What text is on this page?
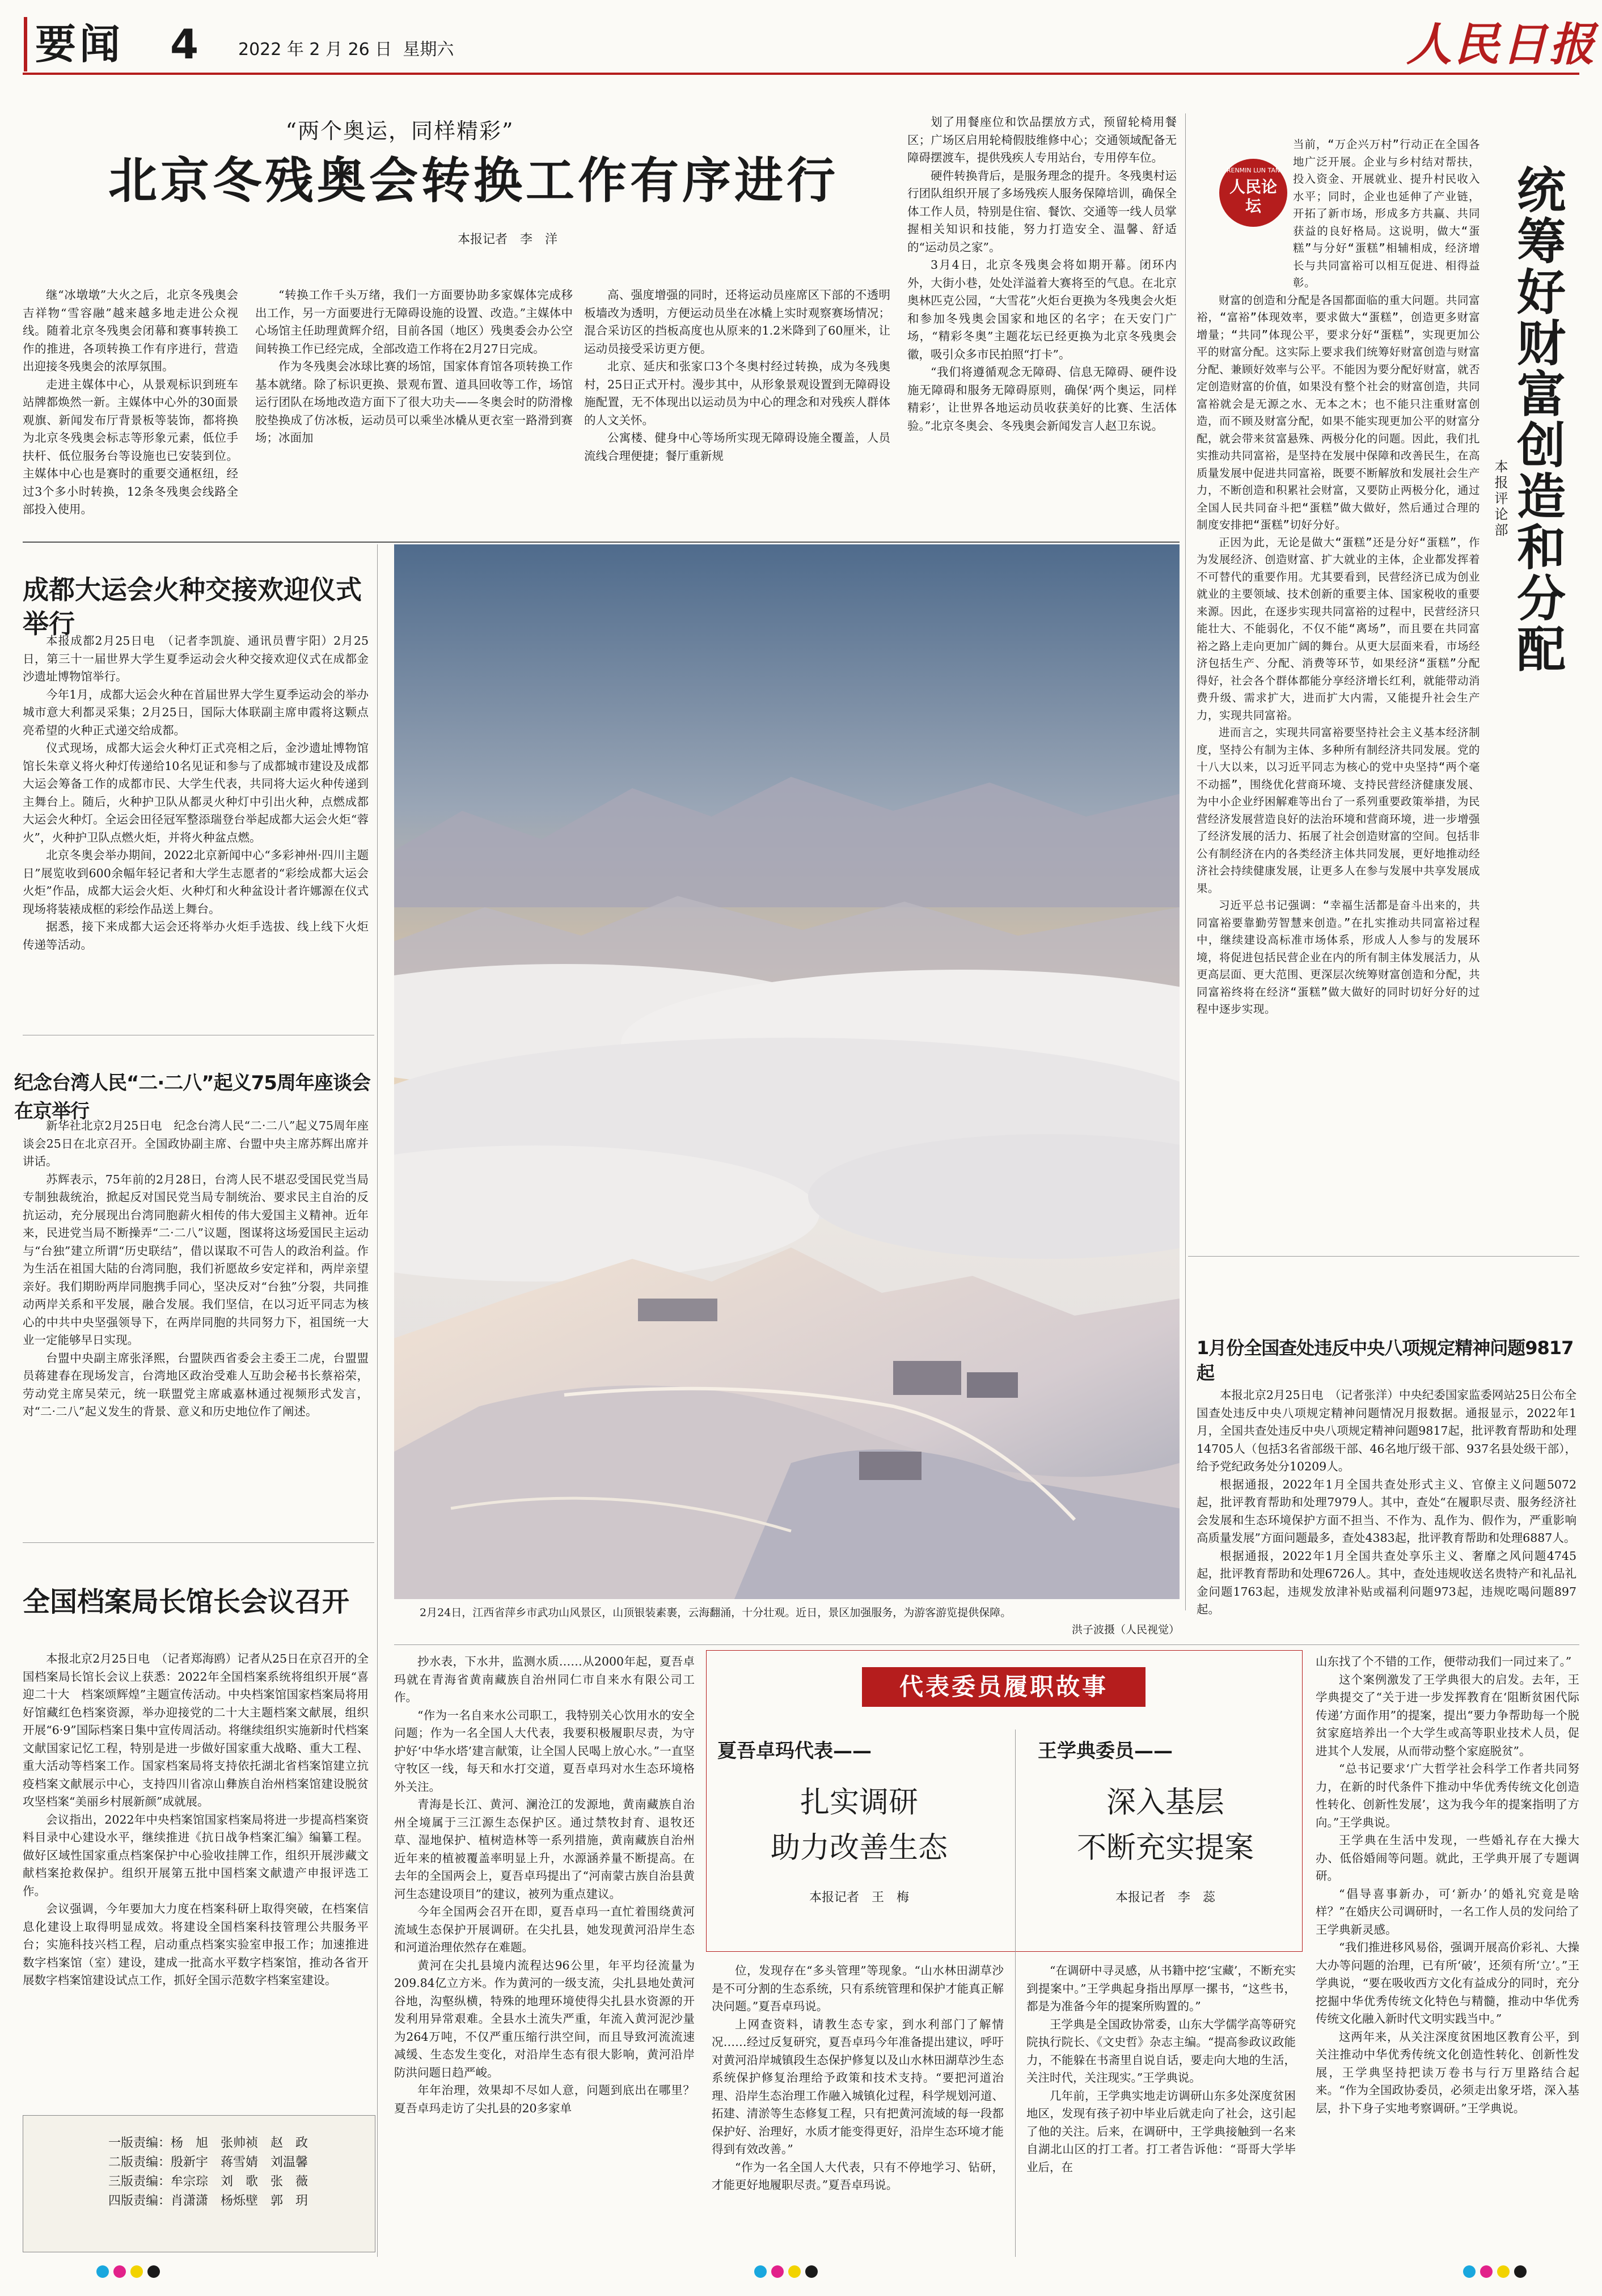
要闻 4 2022 年 2 月 26 日 星期六	人民日报
“两个奥运，同样精彩”
北京冬残奥会转换工作有序进行
本报记者　李　洋

继“冰墩墩”大火之后，北京冬残奥会吉祥物“雪容融”越来越多地走进公众视线。随着北京冬残奥会闭幕和赛事转换工作的推进，各项转换工作有序进行，营造出迎接冬残奥会的浓厚氛围。

走进主媒体中心，从景观标识到班车站牌都焕然一新。主媒体中心外的30面景观旗、新闻发布厅背景板等装饰，都将换为北京冬残奥会标志等形象元素，低位手扶杆、低位服务台等设施也已安装到位。主媒体中心也是赛时的重要交通枢纽，经过3个多小时转换，12条冬残奥会线路全部投入使用。

“转换工作千头万绪，我们一方面要协助多家媒体完成移出工作，另一方面要进行无障碍设施的设置、改造。”主媒体中心场馆主任助理黄辉介绍，目前各国（地区）残奥委会办公空间转换工作已经完成，全部改造工作将在2月27日完成。

作为冬残奥会冰球比赛的场馆，国家体育馆各项转换工作基本就绪。除了标识更换、景观布置、道具回收等工作，场馆运行团队在场地改造方面下了很大功夫——冬奥会时的防滑橡胶垫换成了仿冰板，运动员可以乘坐冰橇从更衣室一路滑到赛场；冰面加

高、强度增强的同时，还将运动员座席区下部的不透明板墙改为透明，方便运动员坐在冰橇上实时观察赛场情况；混合采访区的挡板高度也从原来的1.2米降到了60厘米，让运动员接受采访更方便。

北京、延庆和张家口3个冬奥村经过转换，成为冬残奥村，25日正式开村。漫步其中，从形象景观设置到无障碍设施配置，无不体现出以运动员为中心的理念和对残疾人群体的人文关怀。

公寓楼、健身中心等场所实现无障碍设施全覆盖，人员流线合理便捷；餐厅重新规

划了用餐座位和饮品摆放方式，预留轮椅用餐区；广场区启用轮椅假肢维修中心；交通领域配备无障碍摆渡车，提供残疾人专用站台，专用停车位。

硬件转换背后，是服务理念的提升。冬残奥村运行团队组织开展了多场残疾人服务保障培训，确保全体工作人员，特别是住宿、餐饮、交通等一线人员掌握相关知识和技能，努力打造安全、温馨、舒适的“运动员之家”。

3月4日，北京冬残奥会将如期开幕。闭环内外，大街小巷，处处洋溢着大赛将至的气息。在北京奥林匹克公园，“大雪花”火炬台更换为冬残奥会火炬和参加冬残奥会国家和地区的名字；在天安门广场，“精彩冬奥”主题花坛已经更换为北京冬残奥会徽，吸引众多市民拍照“打卡”。

“我们将遵循观念无障碍、信息无障碍、硬件设施无障碍和服务无障碍原则，确保‘两个奥运，同样精彩’，让世界各地运动员收获美好的比赛、生活体验。”北京冬奥会、冬残奥会新闻发言人赵卫东说。

成都大运会火种交接欢迎仪式举行

本报成都2月25日电　（记者李凯旋、通讯员曹宇阳）2月25日，第三十一届世界大学生夏季运动会火种交接欢迎仪式在成都金沙遗址博物馆举行。

今年1月，成都大运会火种在首届世界大学生夏季运动会的举办城市意大利都灵采集；2月25日，国际大体联副主席申霞将这颗点亮希望的火种正式递交给成都。

仪式现场，成都大运会火种灯正式亮相之后，金沙遗址博物馆馆长朱章义将火种灯传递给10名见证和参与了成都城市建设及成都大运会筹备工作的成都市民、大学生代表，共同将大运火种传递到主舞台上。随后，火种护卫队从都灵火种灯中引出火种，点燃成都大运会火种灯。全运会田径冠军整添瑞登台举起成都大运会火炬“蓉火”，火种护卫队点燃火炬，并将火种盆点燃。

北京冬奥会举办期间，2022北京新闻中心“多彩神州·四川主题日”展览收到600余幅年轻记者和大学生志愿者的“彩绘成都大运会火炬”作品，成都大运会火炬、火种灯和火种盆设计者许娜源在仪式现场将装裱成框的彩绘作品送上舞台。

据悉，接下来成都大运会还将举办火炬手选拔、线上线下火炬传递等活动。

纪念台湾人民“二·二八”起义75周年座谈会在京举行

新华社北京2月25日电　纪念台湾人民“二·二八”起义75周年座谈会25日在北京召开。全国政协副主席、台盟中央主席苏辉出席并讲话。

苏辉表示，75年前的2月28日，台湾人民不堪忍受国民党当局专制独裁统治，掀起反对国民党当局专制统治、要求民主自治的反抗运动，充分展现出台湾同胞薪火相传的伟大爱国主义精神。近年来，民进党当局不断操弄“二·二八”议题，图谋将这场爱国民主运动与“台独”建立所谓“历史联结”，借以谋取不可告人的政治利益。作为生活在祖国大陆的台湾同胞，我们祈愿故乡安定祥和，两岸亲望亲好。我们期盼两岸同胞携手同心，坚决反对“台独”分裂，共同推动两岸关系和平发展，融合发展。我们坚信，在以习近平同志为核心的中共中央坚强领导下，在两岸同胞的共同努力下，祖国统一大业一定能够早日实现。

台盟中央副主席张泽熙，台盟陕西省委会主委王二虎，台盟盟员蒋建春在现场发言，台湾地区政治受难人互助会秘书长蔡裕荣，劳动党主席吴荣元，统一联盟党主席戚嘉林通过视频形式发言，对“二·二八”起义发生的背景、意义和历史地位作了阐述。

全国档案局长馆长会议召开

本报北京2月25日电　（记者郑海鸥）记者从25日在京召开的全国档案局长馆长会议上获悉：2022年全国档案系统将组织开展“喜迎二十大　档案颂辉煌”主题宣传活动。中央档案馆国家档案局将用好馆藏红色档案资源，举办迎接党的二十大主题档案文献展，组织开展“6·9”国际档案日集中宣传周活动。将继续组织实施新时代档案文献国家记忆工程，特别是进一步做好国家重大战略、重大工程、重大活动等档案工作。国家档案局将支持依托湖北省档案馆建立抗疫档案文献展示中心，支持四川省凉山彝族自治州档案馆建设脱贫攻坚档案“美丽乡村展新颜”成就展。

会议指出，2022年中央档案馆国家档案局将进一步提高档案资料目录中心建设水平，继续推进《抗日战争档案汇编》编纂工程。做好区域性国家重点档案保护中心验收挂牌工作，组织开展涉藏文献档案抢救保护。组织开展第五批中国档案文献遗产申报评选工作。

会议强调，今年要加大力度在档案科研上取得突破，在档案信息化建设上取得明显成效。将建设全国档案科技管理公共服务平台；实施科技兴档工程，启动重点档案实验室申报工作；加速推进数字档案馆（室）建设，建成一批高水平数字档案馆，推动各省开展数字档案馆建设试点工作，抓好全国示范数字档案室建设。

一版责编：杨　旭　张帅祯　赵　政
二版责编：殷新宇　蒋雪婧　刘温馨
三版责编：牟宗琮　刘　歌　张　薇
四版责编：肖潇潇　杨烁壁　郭　玥
2月24日，江西省萍乡市武功山风景区，山顶银装素裹，云海翻涌，十分壮观。近日，景区加强服务，为游客游览提供保障。
洪子波摄（人民视觉）
RENMIN LUN TAN
人民论坛

当前，“万企兴万村”行动正在全国各地广泛开展。企业与乡村结对帮扶，投入资金、开展就业、提升村民收入水平；同时，企业也延伸了产业链，开拓了新市场，形成多方共赢、共同获益的良好格局。这说明，做大“蛋糕”与分好“蛋糕”相辅相成，经济增长与共同富裕可以相互促进、相得益彰。

财富的创造和分配是各国都面临的重大问题。共同富裕，“富裕”体现效率，要求做大“蛋糕”，创造更多财富增量；“共同”体现公平，要求分好“蛋糕”，实现更加公平的财富分配。这实际上要求我们统筹好财富创造与财富分配、兼顾好效率与公平。不能因为要分配好财富，就否定创造财富的价值，如果没有整个社会的财富创造，共同富裕就会是无源之水、无本之木；也不能只注重财富创造，而不顾及财富分配，如果不能实现更加公平的财富分配，就会带来贫富悬殊、两极分化的问题。因此，我们扎实推动共同富裕，是坚持在发展中保障和改善民生，在高质量发展中促进共同富裕，既要不断解放和发展社会生产力，不断创造和积累社会财富，又要防止两极分化，通过全国人民共同奋斗把“蛋糕”做大做好，然后通过合理的制度安排把“蛋糕”切好分好。

正因为此，无论是做大“蛋糕”还是分好“蛋糕”，作为发展经济、创造财富、扩大就业的主体，企业都发挥着不可替代的重要作用。尤其要看到，民营经济已成为创业就业的主要领域、技术创新的重要主体、国家税收的重要来源。因此，在逐步实现共同富裕的过程中，民营经济只能壮大、不能弱化，不仅不能“离场”，而且要在共同富裕之路上走向更加广阔的舞台。从更大层面来看，市场经济包括生产、分配、消费等环节，如果经济“蛋糕”分配得好，社会各个群体都能分享经济增长红利，就能带动消费升级、需求扩大，进而扩大内需，又能提升社会生产力，实现共同富裕。

进而言之，实现共同富裕要坚持社会主义基本经济制度，坚持公有制为主体、多种所有制经济共同发展。党的十八大以来，以习近平同志为核心的党中央坚持“两个毫不动摇”，围绕优化营商环境、支持民营经济健康发展、为中小企业纾困解难等出台了一系列重要政策举措，为民营经济发展营造良好的法治环境和营商环境，进一步增强了经济发展的活力、拓展了社会创造财富的空间。包括非公有制经济在内的各类经济主体共同发展，更好地推动经济社会持续健康发展，让更多人在参与发展中共享发展成果。

习近平总书记强调：“幸福生活都是奋斗出来的，共同富裕要靠勤劳智慧来创造。”在扎实推动共同富裕过程中，继续建设高标准市场体系，形成人人参与的发展环境，将促进包括民营企业在内的所有制主体发展活力，从更高层面、更大范围、更深层次统筹财富创造和分配，共同富裕终将在经济“蛋糕”做大做好的同时切好分好的过程中逐步实现。

统筹好财富创造和分配
本报评论部
1月份全国查处违反中央八项规定精神问题9817起

本报北京2月25日电　（记者张洋）中央纪委国家监委网站25日公布全国查处违反中央八项规定精神问题情况月报数据。通报显示，2022年1月，全国共查处违反中央八项规定精神问题9817起，批评教育帮助和处理14705人（包括3名省部级干部、46名地厅级干部、937名县处级干部），给予党纪政务处分10209人。

根据通报，2022年1月全国共查处形式主义、官僚主义问题5072起，批评教育帮助和处理7979人。其中，查处“在履职尽责、服务经济社会发展和生态环境保护方面不担当、不作为、乱作为、假作为，严重影响高质量发展”方面问题最多，查处4383起，批评教育帮助和处理6887人。

根据通报，2022年1月全国共查处享乐主义、奢靡之风问题4745起，批评教育帮助和处理6726人。其中，查处违规收送名贵特产和礼品礼金问题1763起，违规发放津补贴或福利问题973起，违规吃喝问题897起。

抄水表，下水井，监测水质……从2000年起，夏吾卓玛就在青海省黄南藏族自治州同仁市自来水有限公司工作。

“作为一名自来水公司职工，我特别关心饮用水的安全问题；作为一名全国人大代表，我要积极履职尽责，为守护好‘中华水塔’建言献策，让全国人民喝上放心水。”一直坚守牧区一线，每天和水打交道，夏吾卓玛对水生态环境格外关注。

青海是长江、黄河、澜沧江的发源地，黄南藏族自治州全境属于三江源生态保护区。通过禁牧封育、退牧还草、湿地保护、植树造林等一系列措施，黄南藏族自治州近年来的植被覆盖率明显上升，水源涵养量不断提高。在去年的全国两会上，夏吾卓玛提出了“河南蒙古族自治县黄河生态建设项目”的建议，被列为重点建议。

今年全国两会召开在即，夏吾卓玛一直忙着围绕黄河流域生态保护开展调研。在尖扎县，她发现黄河沿岸生态和河道治理依然存在难题。

黄河在尖扎县境内流程达96公里，年平均径流量为209.84亿立方米。作为黄河的一级支流，尖扎县地处黄河谷地，沟壑纵横，特殊的地理环境使得尖扎县水资源的开发利用异常艰难。全县水土流失严重，年流入黄河泥沙量为264万吨，不仅严重压缩行洪空间，而且导致河流流速减缓、生态发生变化，对沿岸生态有很大影响，黄河沿岸防洪问题日趋严峻。

年年治理，效果却不尽如人意，问题到底出在哪里？夏吾卓玛走访了尖扎县的20多家单

代表委员履职故事
夏吾卓玛代表——
扎实调研
助力改善生态
本报记者　王　梅
王学典委员——
深入基层
不断充实提案
本报记者　李　蕊

位，发现存在“多头管理”等现象。“山水林田湖草沙是不可分割的生态系统，只有系统管理和保护才能真正解决问题。”夏吾卓玛说。

上网查资料，请教生态专家，到水利部门了解情况……经过反复研究，夏吾卓玛今年准备提出建议，呼吁对黄河沿岸城镇段生态保护修复以及山水林田湖草沙生态系统保护修复治理给予政策和技术支持。“要把河道治理、沿岸生态治理工作融入城镇化过程，科学规划河道、拓建、清淤等生态修复工程，只有把黄河流域的每一段都保护好、治理好，水质才能变得更好，沿岸生态环境才能得到有效改善。”

“作为一名全国人大代表，只有不停地学习、钻研，才能更好地履职尽责。”夏吾卓玛说。

“在调研中寻灵感，从书籍中挖‘宝藏’，不断充实到提案中。”王学典起身指出厚厚一摞书，“这些书，都是为准备今年的提案所购置的。”

王学典是全国政协常委，山东大学儒学高等研究院执行院长、《文史哲》杂志主编。“提高参政议政能力，不能躲在书斋里自说自话，要走向大地的生活，关注时代，关注现实。”王学典说。

几年前，王学典实地走访调研山东多处深度贫困地区，发现有孩子初中毕业后就走向了社会，这引起了他的关注。后来，在调研中，王学典接触到一名来自湖北山区的打工者。打工者告诉他：“哥哥大学毕业后，在

山东找了个不错的工作，便带动我们一同过来了。”

这个案例激发了王学典很大的启发。去年，王学典提交了“关于进一步发挥教育在‘阻断贫困代际传递’方面作用”的提案，提出“要力争帮助每一个脱贫家庭培养出一个大学生或高等职业技术人员，促进其个人发展，从而带动整个家庭脱贫”。

“总书记要求‘广大哲学社会科学工作者共同努力，在新的时代条件下推动中华优秀传统文化创造性转化、创新性发展’，这为我今年的提案指明了方向。”王学典说。

王学典在生活中发现，一些婚礼存在大操大办、低俗婚闹等问题。就此，王学典开展了专题调研。

“倡导喜事新办，可‘新办’的婚礼究竟是啥样？”在婚庆公司调研时，一名工作人员的发问给了王学典新灵感。

“我们推进移风易俗，强调开展高价彩礼、大操大办等问题的治理，已有所‘破’，还须有所‘立’。”王学典说，“要在吸收西方文化有益成分的同时，充分挖掘中华优秀传统文化特色与精髓，推动中华优秀传统文化融入新时代文明实践当中。”

这两年来，从关注深度贫困地区教育公平，到关注推动中华优秀传统文化创造性转化、创新性发展，王学典坚持把读万卷书与行万里路结合起来。“作为全国政协委员，必须走出象牙塔，深入基层，扑下身子实地考察调研。”王学典说。
